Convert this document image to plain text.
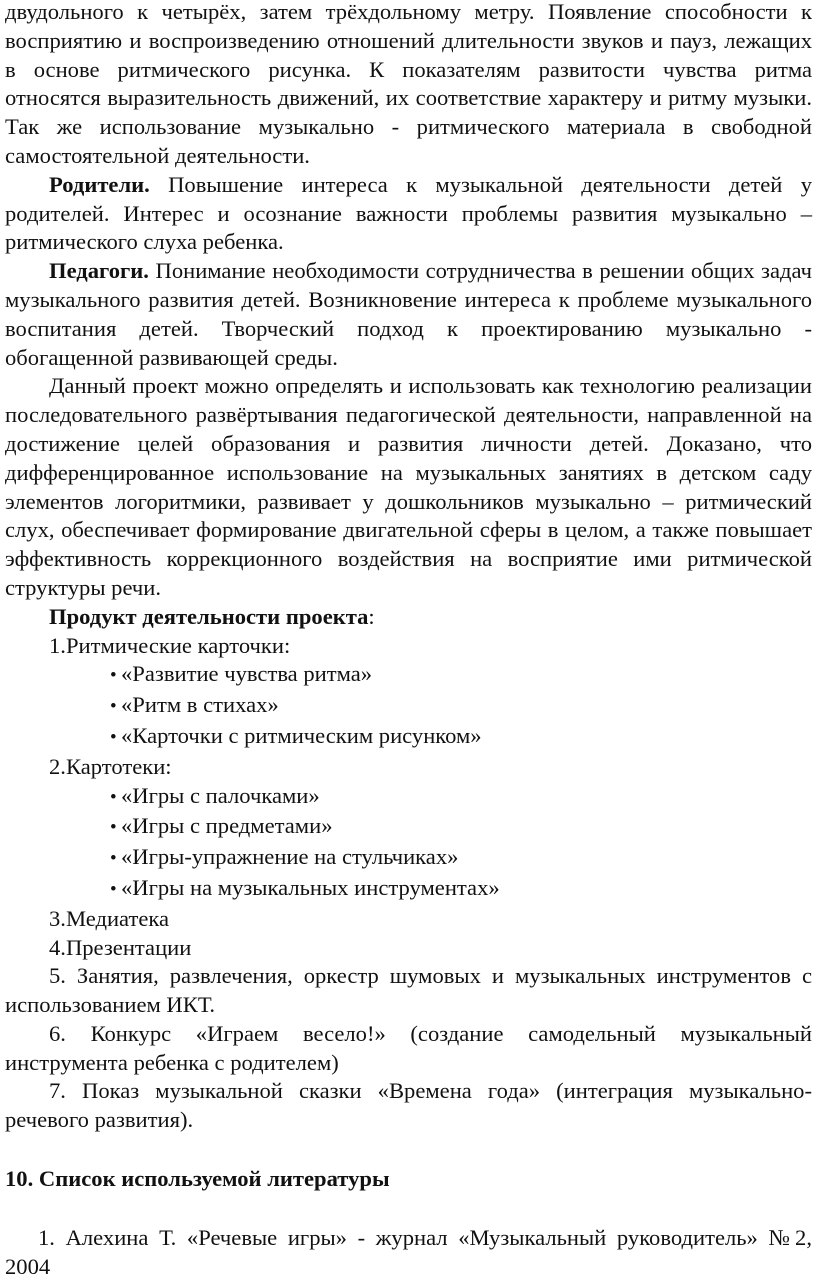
двудольного к четырёх, затем трёхдольному метру. Появление способности к восприятию и воспроизведению отношений длительности звуков и пауз, лежащих в основе ритмического рисунка. К показателям развитости чувства ритма относятся выразительность движений, их соответствие характеру и ритму музыки. Так же использование музыкально - ритмического материала в свободной самостоятельной деятельности.

Родители. Повышение интереса к музыкальной деятельности детей у родителей. Интерес и осознание важности проблемы развития музыкально – ритмического слуха ребенка.

Педагоги. Понимание необходимости сотрудничества в решении общих задач музыкального развития детей. Возникновение интереса к проблеме музыкального воспитания детей. Творческий подход к проектированию музыкально - обогащенной развивающей среды.

Данный проект можно определять и использовать как технологию реализации последовательного развёртывания педагогической деятельности, направленной на достижение целей образования и развития личности детей. Доказано, что дифференцированное использование на музыкальных занятиях в детском саду элементов логоритмики, развивает у дошкольников музыкально – ритмический слух, обеспечивает формирование двигательной сферы в целом, а также повышает эффективность коррекционного воздействия на восприятие ими ритмической структуры речи.

Продукт деятельности проекта:

1.Ритмические карточки:

• «Развитие чувства ритма»
• «Ритм в стихах»
• «Карточки с ритмическим рисунком»

2.Картотеки:

• «Игры с палочками»
• «Игры с предметами»
• «Игры-упражнение на стульчиках»
• «Игры на музыкальных инструментах»

3.Медиатека

4.Презентации

5. Занятия, развлечения, оркестр шумовых и музыкальных инструментов с использованием ИКТ.

6. Конкурс «Играем весело!» (создание самодельный музыкальный инструмента ребенка с родителем)

7. Показ музыкальной сказки «Времена года» (интеграция музыкально-речевого развития).

10. Список используемой литературы

1. Алехина Т. «Речевые игры» - журнал «Музыкальный руководитель» №2, 2004
